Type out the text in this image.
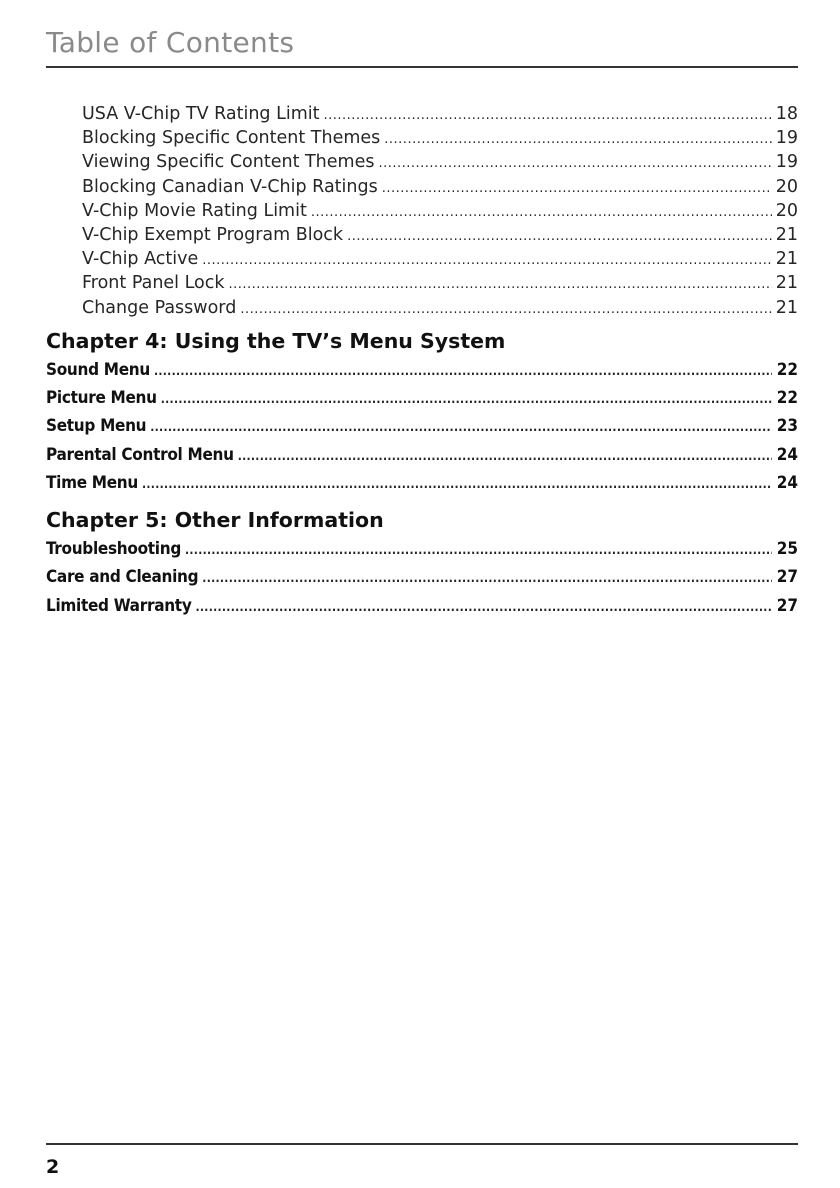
Table of Contents
USA V-Chip TV Rating Limit .....	18
Blocking Specific Content Themes .....	19
Viewing Specific Content Themes .....	19
Blocking Canadian V-Chip Ratings .....	20
V-Chip Movie Rating Limit .....	20
V-Chip Exempt Program Block .....	21
V-Chip Active .....	21
Front Panel Lock .....	21
Change Password .....	21
Chapter 4: Using the TV’s Menu System
Sound Menu .....	22
Picture Menu .....	22
Setup Menu .....	23
Parental Control Menu .....	24
Time Menu .....	24
Chapter 5: Other Information
Troubleshooting .....	25
Care and Cleaning .....	27
Limited Warranty .....	27
2
